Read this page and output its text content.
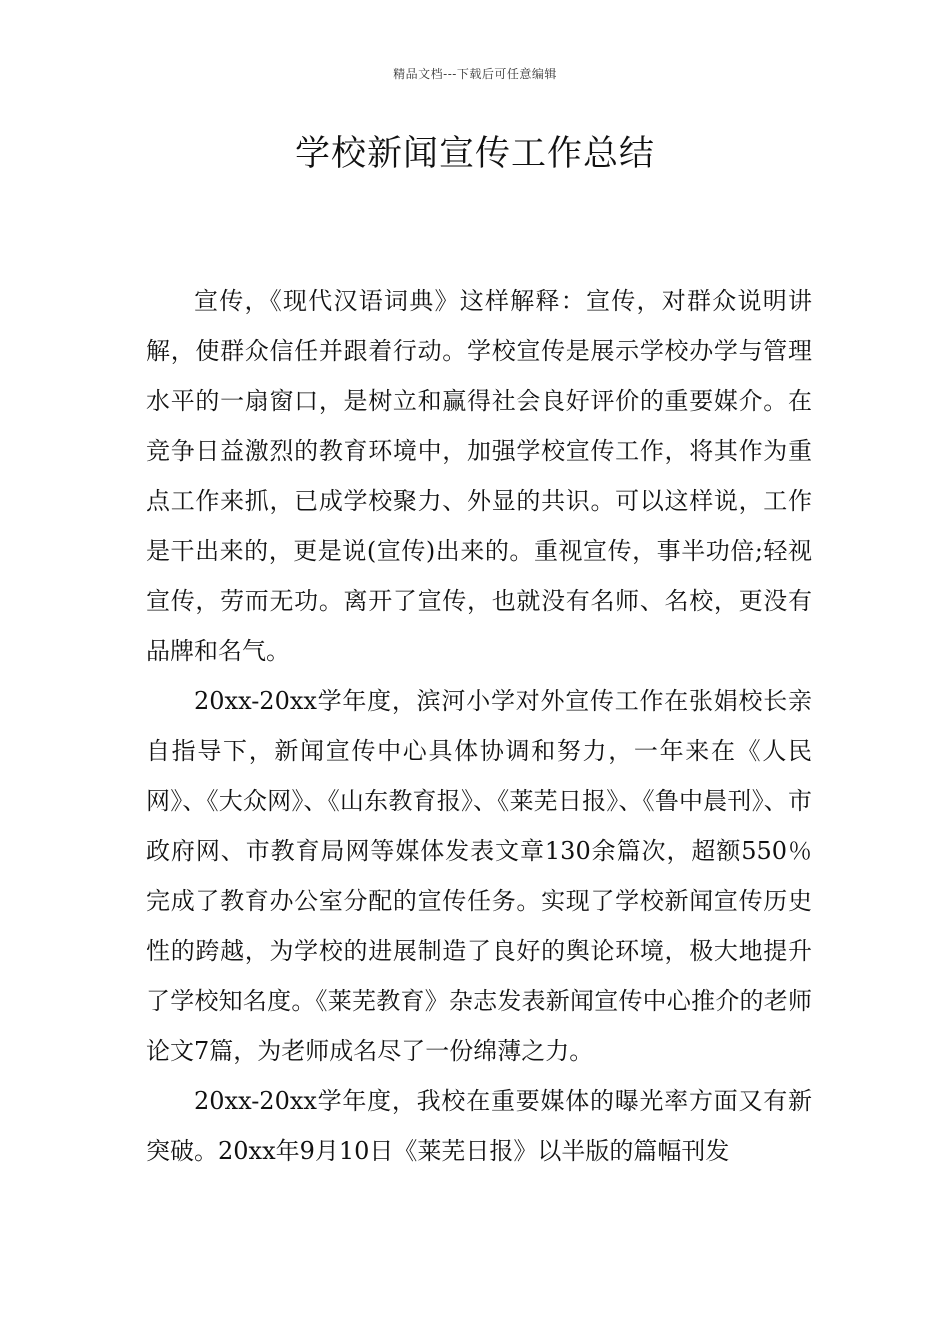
精品文档---下载后可任意编辑
学校新闻宣传工作总结

宣传，《现代汉语词典》这样解释：宣传，对群众说明讲解，使群众信任并跟着行动。学校宣传是展示学校办学与管理水平的一扇窗口，是树立和赢得社会良好评价的重要媒介。在竞争日益激烈的教育环境中，加强学校宣传工作，将其作为重点工作来抓，已成学校聚力、外显的共识。可以这样说，工作是干出来的，更是说(宣传)出来的。重视宣传，事半功倍;轻视宣传，劳而无功。离开了宣传，也就没有名师、名校，更没有品牌和名气。

20xx-20xx学年度，滨河小学对外宣传工作在张娟校长亲自指导下，新闻宣传中心具体协调和努力，一年来在《人民网》、《大众网》、《山东教育报》、《莱芜日报》、《鲁中晨刊》、市政府网、市教育局网等媒体发表文章130余篇次，超额550％完成了教育办公室分配的宣传任务。实现了学校新闻宣传历史性的跨越，为学校的进展制造了良好的舆论环境，极大地提升了学校知名度。《莱芜教育》杂志发表新闻宣传中心推介的老师论文7篇，为老师成名尽了一份绵薄之力。

20xx-20xx学年度，我校在重要媒体的曝光率方面又有新突破。20xx年9月10日《莱芜日报》以半版的篇幅刊发
